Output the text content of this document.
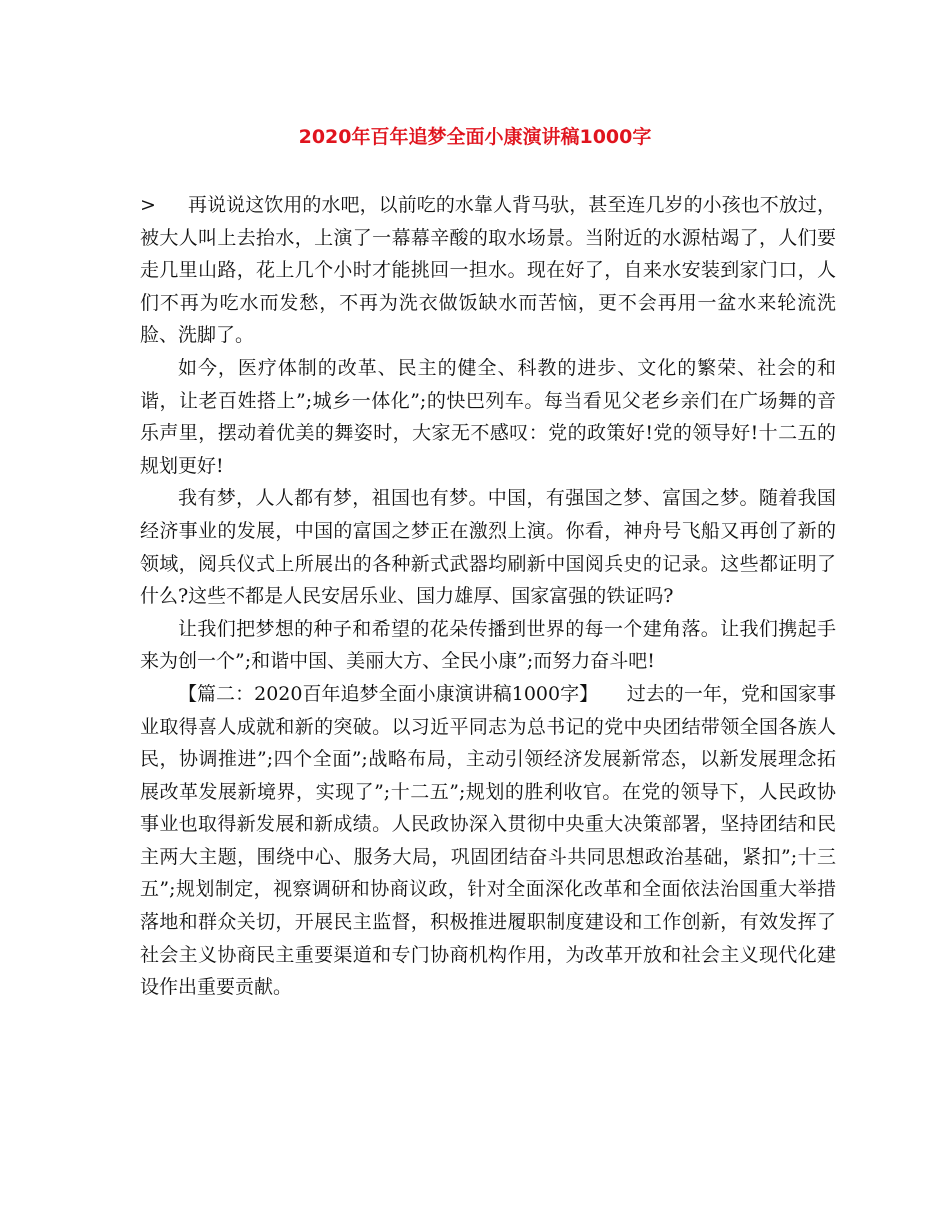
2020年百年追梦全面小康演讲稿1000字

> 再说说这饮用的水吧，以前吃的水靠人背马驮，甚至连几岁的小孩也不放过，被大人叫上去抬水，上演了一幕幕辛酸的取水场景。当附近的水源枯竭了，人们要走几里山路，花上几个小时才能挑回一担水。现在好了，自来水安装到家门口，人们不再为吃水而发愁，不再为洗衣做饭缺水而苦恼，更不会再用一盆水来轮流洗脸、洗脚了。

如今，医疗体制的改革、民主的健全、科教的进步、文化的繁荣、社会的和谐，让老百姓搭上”;城乡一体化”;的快巴列车。每当看见父老乡亲们在广场舞的音乐声里，摆动着优美的舞姿时，大家无不感叹：党的政策好!党的领导好!十二五的规划更好!

我有梦，人人都有梦，祖国也有梦。中国，有强国之梦、富国之梦。随着我国经济事业的发展，中国的富国之梦正在激烈上演。你看，神舟号飞船又再创了新的领域，阅兵仪式上所展出的各种新式武器均刷新中国阅兵史的记录。这些都证明了什么?这些不都是人民安居乐业、国力雄厚、国家富强的铁证吗?

让我们把梦想的种子和希望的花朵传播到世界的每一个建角落。让我们携起手来为创一个”;和谐中国、美丽大方、全民小康”;而努力奋斗吧!

【篇二：2020百年追梦全面小康演讲稿1000字】　　过去的一年，党和国家事业取得喜人成就和新的突破。以习近平同志为总书记的党中央团结带领全国各族人民，协调推进”;四个全面”;战略布局，主动引领经济发展新常态，以新发展理念拓展改革发展新境界，实现了”;十二五”;规划的胜利收官。在党的领导下，人民政协事业也取得新发展和新成绩。人民政协深入贯彻中央重大决策部署，坚持团结和民主两大主题，围绕中心、服务大局，巩固团结奋斗共同思想政治基础，紧扣”;十三五”;规划制定，视察调研和协商议政，针对全面深化改革和全面依法治国重大举措落地和群众关切，开展民主监督，积极推进履职制度建设和工作创新，有效发挥了社会主义协商民主重要渠道和专门协商机构作用，为改革开放和社会主义现代化建设作出重要贡献。
